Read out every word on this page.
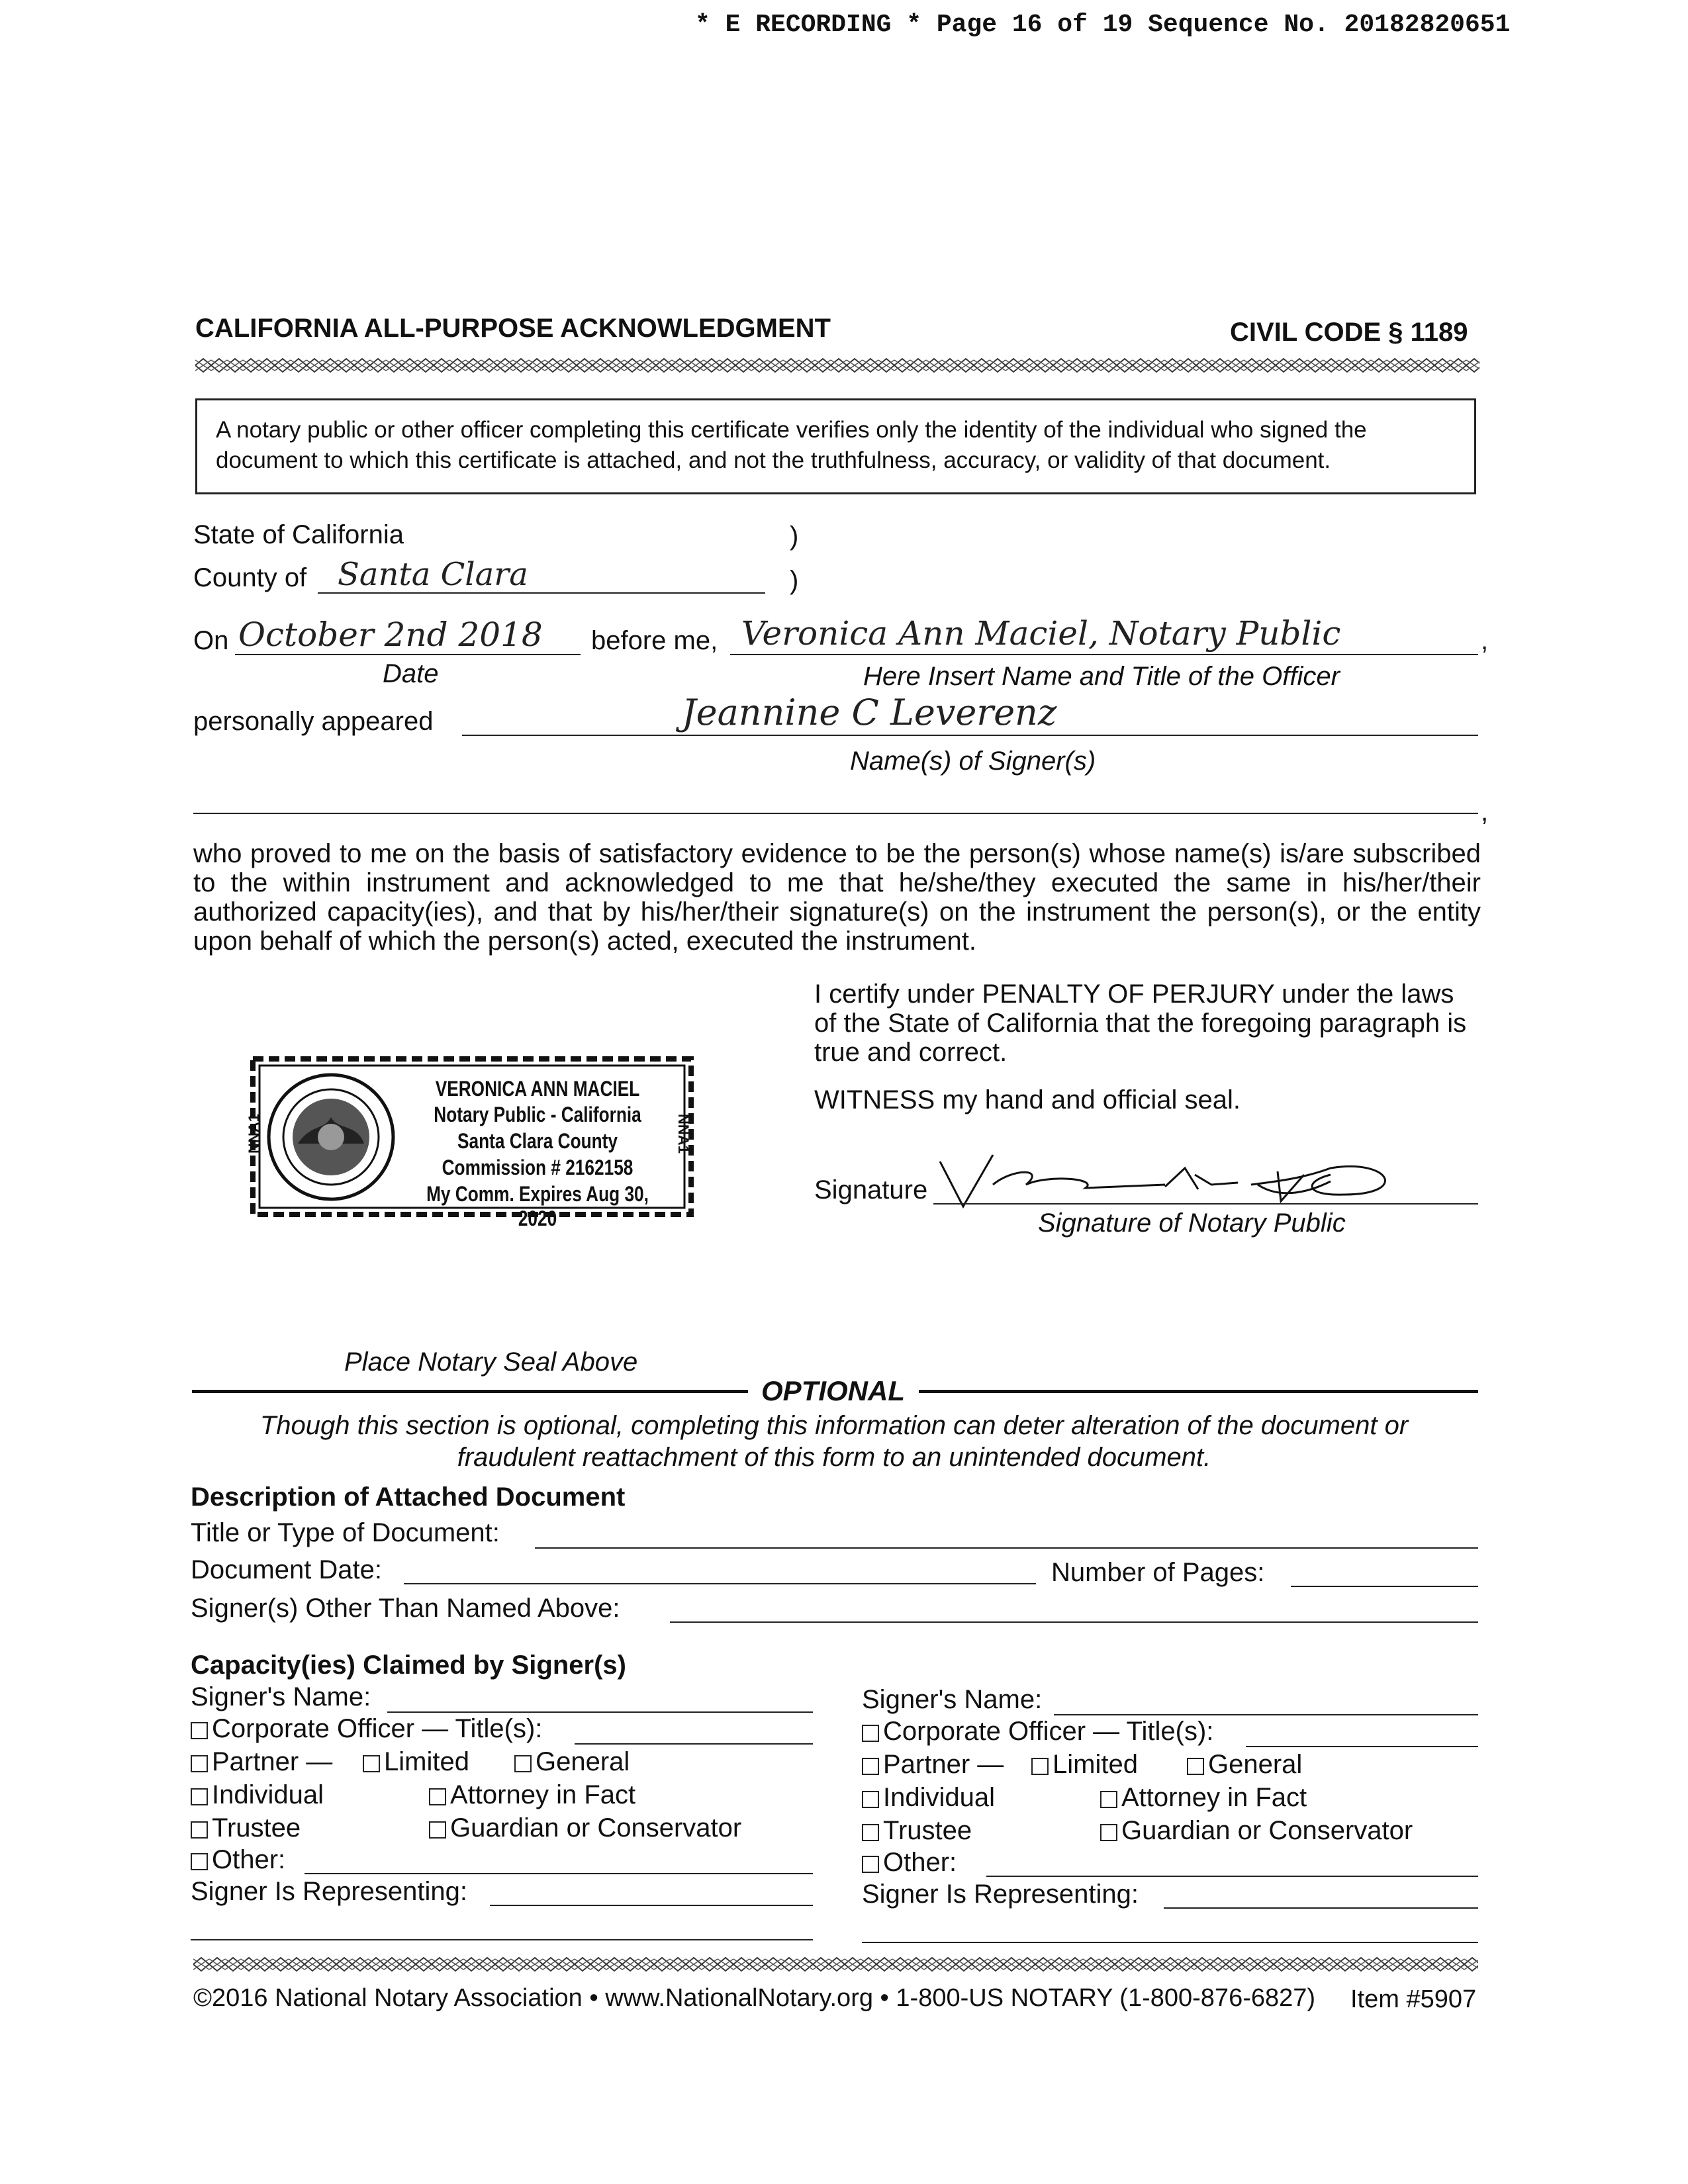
* E RECORDING * Page 16 of 19 Sequence No. 20182820651
CALIFORNIA ALL-PURPOSE ACKNOWLEDGMENT	CIVIL CODE § 1189
A notary public or other officer completing this certificate verifies only the identity of the individual who signed the document to which this certificate is attached, and not the truthfulness, accuracy, or validity of that document.
State of California	)
County of Santa Clara	)
On October 2nd 2018 before me, Veronica Ann Maciel, Notary Public	,
Date	Here Insert Name and Title of the Officer
personally appeared	Jeannine C Leverenz
Name(s) of Signer(s)
,
who proved to me on the basis of satisfactory evidence to be the person(s) whose name(s) is/are subscribed to the within instrument and acknowledged to me that he/she/they executed the same in his/her/their authorized capacity(ies), and that by his/her/their signature(s) on the instrument the person(s), or the entity upon behalf of which the person(s) acted, executed the instrument.
I certify under PENALTY OF PERJURY under the laws of the State of California that the foregoing paragraph is true and correct.
WITNESS my hand and official seal.
Signature
Signature of Notary Public
VERONICA ANN MACIEL
Notary Public - California
Santa Clara County
Commission # 2162158
My Comm. Expires Aug 30, 2020
NNA1	NNA1
Place Notary Seal Above
OPTIONAL
Though this section is optional, completing this information can deter alteration of the document or fraudulent reattachment of this form to an unintended document.
Description of Attached Document
Title or Type of Document:
Document Date:	Number of Pages:
Signer(s) Other Than Named Above:
Capacity(ies) Claimed by Signer(s)
Signer's Name:
Corporate Officer — Title(s):
Partner —	Limited	General
Individual	Attorney in Fact
Trustee	Guardian or Conservator
Other:
Signer Is Representing:
Signer's Name:
Corporate Officer — Title(s):
Partner —	Limited	General
Individual	Attorney in Fact
Trustee	Guardian or Conservator
Other:
Signer Is Representing:
©2016 National Notary Association • www.NationalNotary.org • 1-800-US NOTARY (1-800-876-6827) Item #5907
